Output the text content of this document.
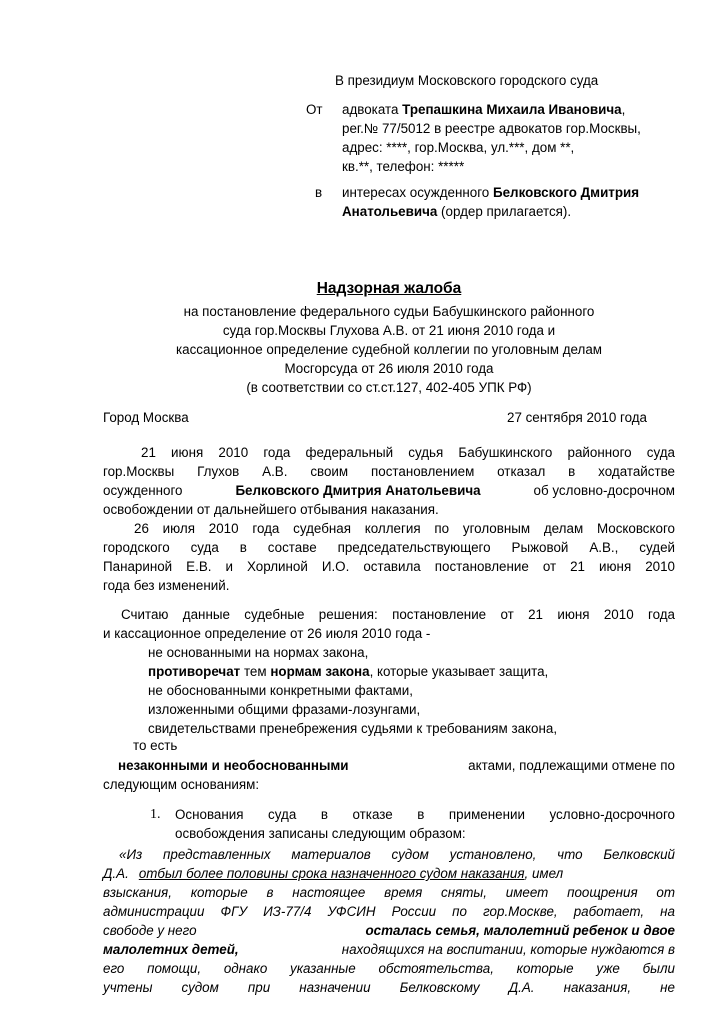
В президиум Московского городского суда
От адвоката Трепашкина Михаила Ивановича,
рег.№ 77/5012 в реестре адвокатов гор.Москвы,
адрес: ****, гор.Москва, ул.***, дом **,
кв.**, телефон: *****
в интересах осужденного Белковского Дмитрия
Анатольевича (ордер прилагается).
Надзорная жалоба
на постановление федерального судьи Бабушкинского районного
суда гор.Москвы Глухова А.В. от 21 июня 2010 года и
кассационное определение судебной коллегии по уголовным делам
Мосгорсуда от 26 июля 2010 года
(в соответствии со ст.ст.127, 402-405 УПК РФ)
Город Москва	27 сентября 2010 года
21 июня 2010 года федеральный судья Бабушкинского районного суда
гор.Москвы Глухов А.В. своим постановлением отказал в ходатайстве
осужденного	Белковского Дмитрия Анатольевича	об условно-досрочном
освобождении от дальнейшего отбывания наказания.
26 июля 2010 года судебная коллегия по уголовным делам Московского
городского суда в составе председательствующего Рыжовой А.В., судей
Панариной Е.В. и Хорлиной И.О. оставила постановление от 21 июня 2010
года без изменений.
Считаю данные судебные решения: постановление от 21 июня 2010 года
и кассационное определение от 26 июля 2010 года -
не основанными на нормах закона,
противоречат тем нормам закона, которые указывает защита,
не обоснованными конкретными фактами,
изложенными общими фразами-лозунгами,
свидетельствами пренебрежения судьями к требованиям закона,
то есть
незаконными и необоснованными	актами, подлежащими отмене по
следующим основаниям:
1. Основания суда в отказе в применении условно-досрочного
освобождения записаны следующим образом:
«Из представленных материалов судом установлено, что Белковский
Д.А. отбыл более половины срока назначенного судом наказания, имел
взыскания, которые в настоящее время сняты, имеет поощрения от
администрации ФГУ ИЗ-77/4 УФСИН России по гор.Москве, работает, на
свободе у него	осталась семья, малолетний ребенок и двое
малолетних детей,	находящихся на воспитании, которые нуждаются в
его помощи, однако указанные обстоятельства, которые уже были
учтены судом при назначении Белковскому Д.А. наказания, не
